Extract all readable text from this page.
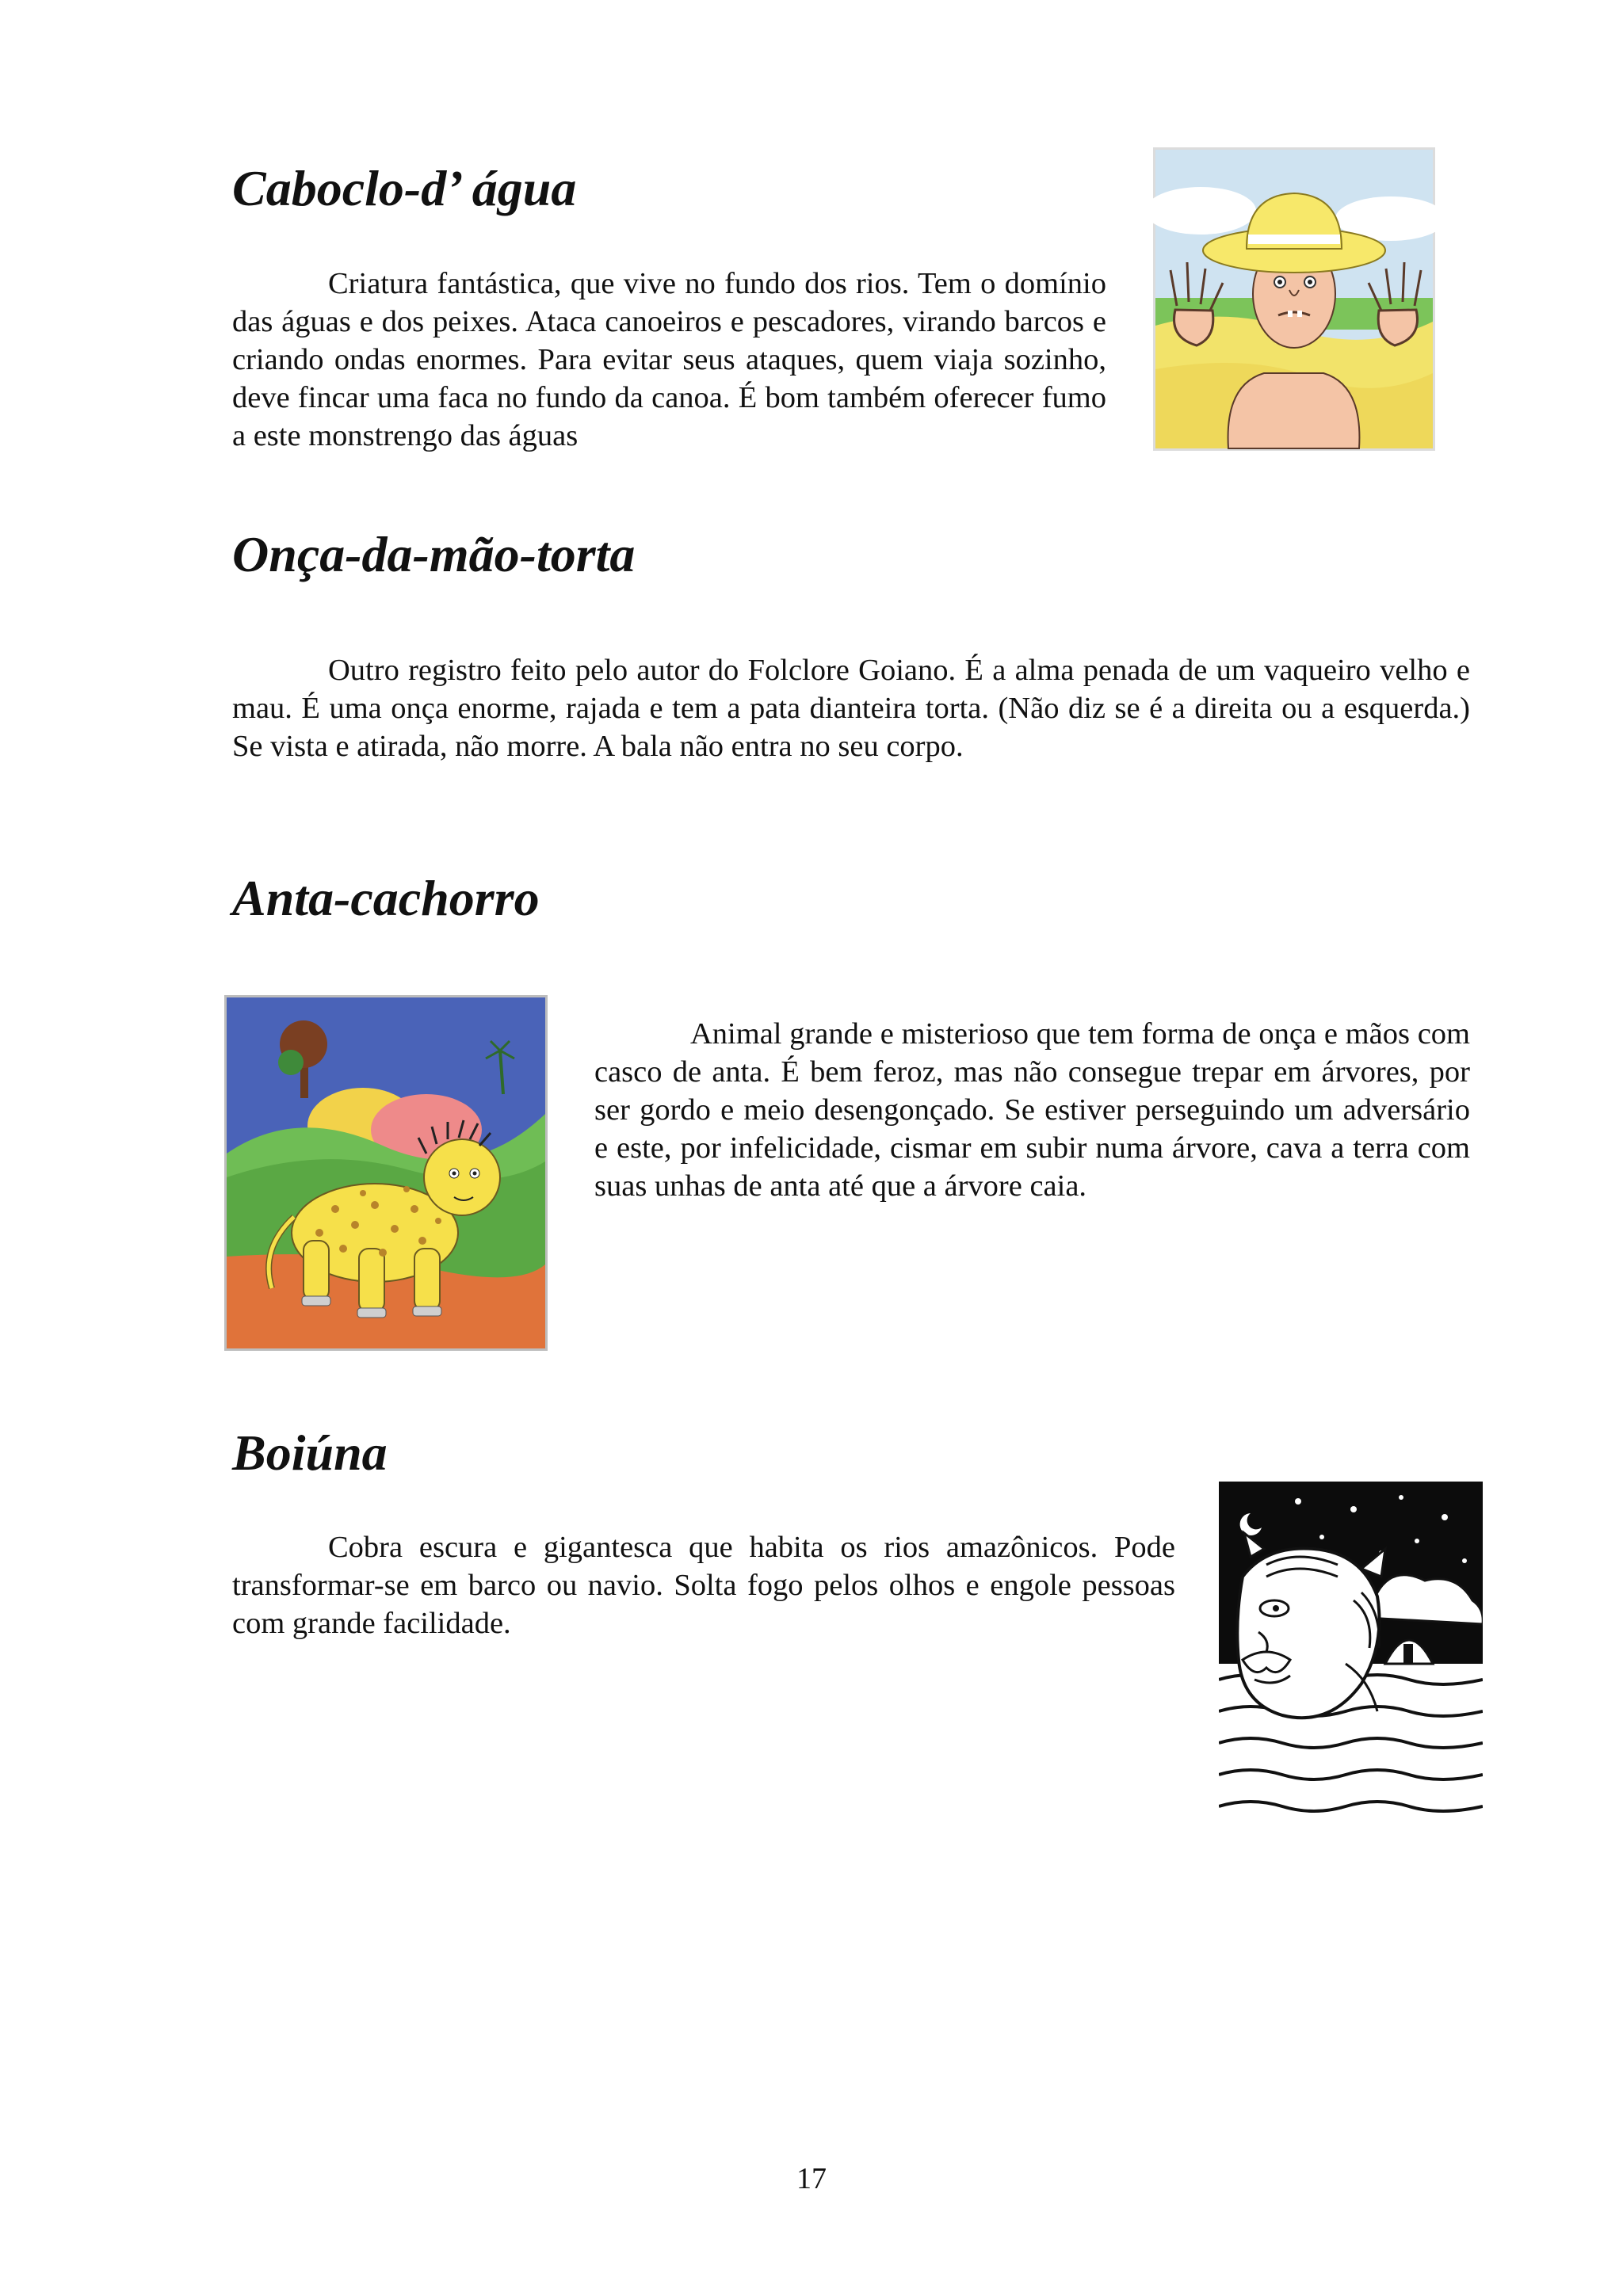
Caboclo-d’ água

Criatura fantástica, que vive no fundo dos rios. Tem o domínio das águas e dos peixes. Ataca canoeiros e pescadores, virando barcos e criando ondas enormes. Para evitar seus ataques, quem viaja sozinho, deve fincar uma faca no fundo da canoa. É bom também oferecer fumo a este monstrengo das águas

Onça-da-mão-torta

Outro registro feito pelo autor do Folclore Goiano. É a alma penada de um vaqueiro velho e mau. É uma onça enorme, rajada e tem a pata dianteira torta. (Não diz se é a direita ou a esquerda.) Se vista e atirada, não morre. A bala não entra no seu corpo.

Anta-cachorro

Animal grande e misterioso que tem forma de onça e mãos com casco de anta. É bem feroz, mas não consegue trepar em árvores, por ser gordo e meio desengonçado. Se estiver perseguindo um adversário e este, por infelicidade, cismar em subir numa árvore, cava a terra com suas unhas de anta até que a árvore caia.

Boiúna

Cobra escura e gigantesca que habita os rios amazônicos. Pode transformar-se em barco ou navio. Solta fogo pelos olhos e engole pessoas com grande facilidade.

17
